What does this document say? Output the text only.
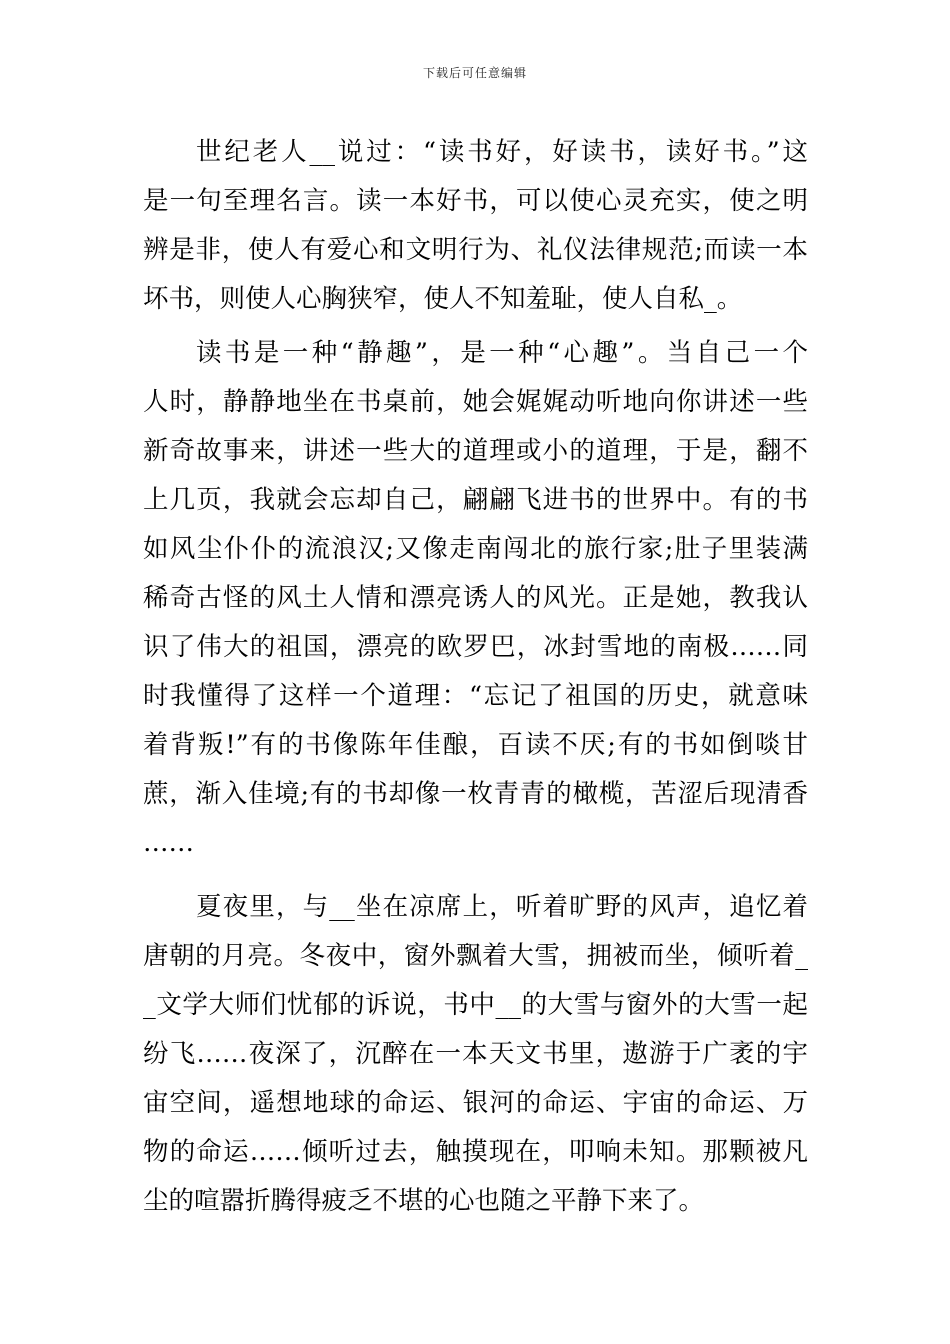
下载后可任意编辑
世纪老人__说过：“读书好，好读书，读好书。”这
是一句至理名言。读一本好书，可以使心灵充实，使之明
辨是非，使人有爱心和文明行为、礼仪法律规范;而读一本
坏书，则使人心胸狭窄，使人不知羞耻，使人自私_。
读书是一种“静趣”，是一种“心趣”。当自己一个
人时，静静地坐在书桌前，她会娓娓动听地向你讲述一些
新奇故事来，讲述一些大的道理或小的道理，于是，翻不
上几页，我就会忘却自己，翩翩飞进书的世界中。有的书
如风尘仆仆的流浪汉;又像走南闯北的旅行家;肚子里装满
稀奇古怪的风土人情和漂亮诱人的风光。正是她，教我认
识了伟大的祖国，漂亮的欧罗巴，冰封雪地的南极……同
时我懂得了这样一个道理：“忘记了祖国的历史，就意味
着背叛!”有的书像陈年佳酿，百读不厌;有的书如倒啖甘
蔗，渐入佳境;有的书却像一枚青青的橄榄，苦涩后现清香
……
夏夜里，与__坐在凉席上，听着旷野的风声，追忆着
唐朝的月亮。冬夜中，窗外飘着大雪，拥被而坐，倾听着_
_文学大师们忧郁的诉说，书中__的大雪与窗外的大雪一起
纷飞……夜深了，沉醉在一本天文书里，遨游于广袤的宇
宙空间，遥想地球的命运、银河的命运、宇宙的命运、万
物的命运……倾听过去，触摸现在，叩响未知。那颗被凡
尘的喧嚣折腾得疲乏不堪的心也随之平静下来了。
